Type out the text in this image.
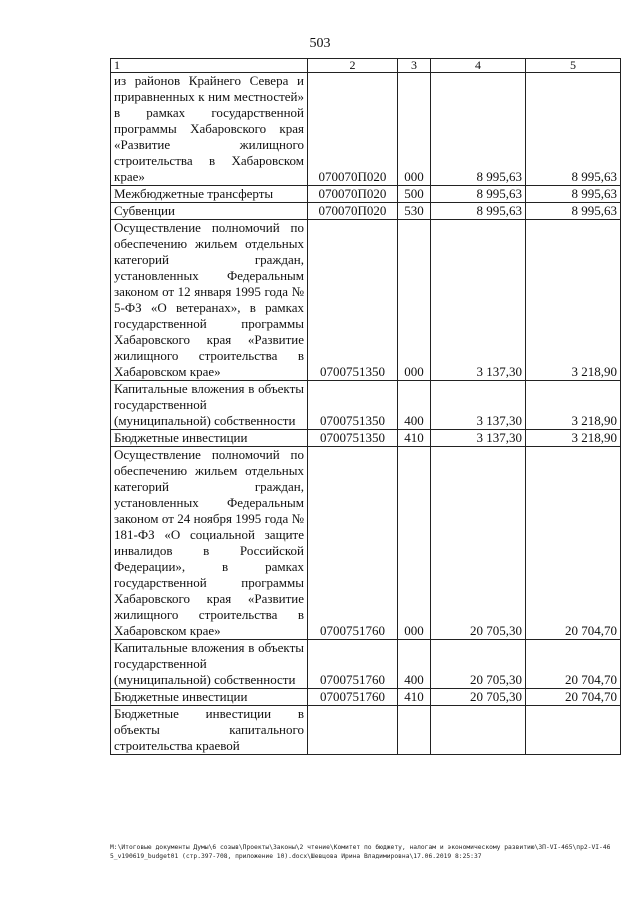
503
1	2	3	4	5
из районов Крайнего Севера и приравненных к ним местностей» в рамках государственной программы Хабаровского края «Развитие жилищного строительства в Хабаровском крае»	070070П020	000	8 995,63	8 995,63
Межбюджетные трансферты	070070П020	500	8 995,63	8 995,63
Субвенции	070070П020	530	8 995,63	8 995,63
Осуществление полномочий по обеспечению жильем отдельных категорий граждан, установленных Федеральным законом от 12 января 1995 года № 5-ФЗ «О ветеранах», в рамках государственной программы Хабаровского края «Развитие жилищного строительства в Хабаровском крае»	0700751350	000	3 137,30	3 218,90
Капитальные вложения в объекты государственной (муниципальной) собственности	0700751350	400	3 137,30	3 218,90
Бюджетные инвестиции	0700751350	410	3 137,30	3 218,90
Осуществление полномочий по обеспечению жильем отдельных категорий граждан, установленных Федеральным законом от 24 ноября 1995 года № 181-ФЗ «О социальной защите инвалидов в Российской Федерации», в рамках государственной программы Хабаровского края «Развитие жилищного строительства в Хабаровском крае»	0700751760	000	20 705,30	20 704,70
Капитальные вложения в объекты государственной (муниципальной) собственности	0700751760	400	20 705,30	20 704,70
Бюджетные инвестиции	0700751760	410	20 705,30	20 704,70
Бюджетные инвестиции в объекты капитального строительства краевой				
M:\Итоговые документы Думы\6 созыв\Проекты\Законы\2 чтение\Комитет по бюджету, налогам и экономическому развитию\3П-VI-465\пр2-VI-465_v190619_budget01 (стр.397-708, приложение 10).docx\Шевцова Ирина Владимировна\17.06.2019 8:25:37
